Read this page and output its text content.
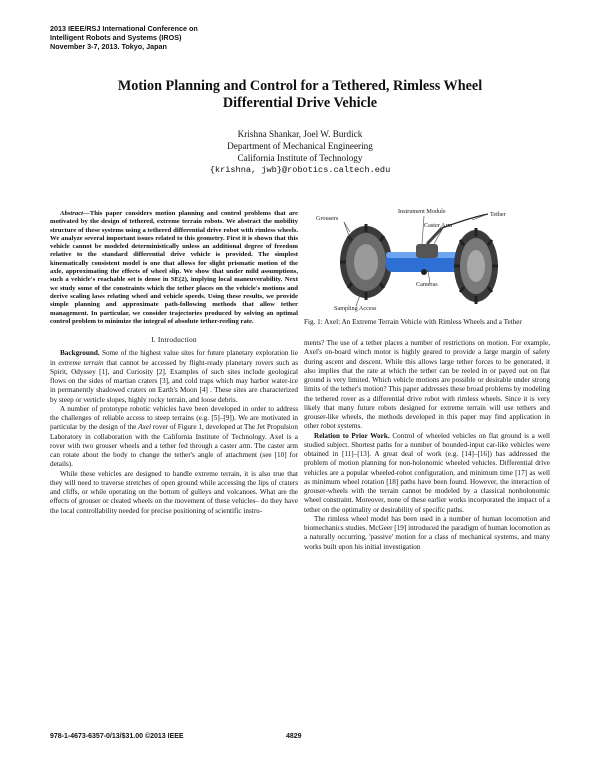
2013 IEEE/RSJ International Conference on
Intelligent Robots and Systems (IROS)
November 3-7, 2013. Tokyo, Japan
Motion Planning and Control for a Tethered, Rimless Wheel
Differential Drive Vehicle
Krishna Shankar, Joel W. Burdick
Department of Mechanical Engineering
California Institute of Technology
{krishna, jwb}@robotics.caltech.edu

Abstract—This paper considers motion planning and control problems that are motivated by the design of tethered, extreme terrain robots. We abstract the mobility structure of these systems using a tethered differential drive robot with rimless wheels. We analyze several important issues related to this geometry. First it is shown that this vehicle cannot be modeled deterministically unless an additional degree of freedom relative to the standard differential drive vehicle is provided. The simplest kinematically consistent model is one that allows for slight prismatic motion of the axle, approximating the effects of wheel slip. We show that under mild assumptions, such a vehicle's reachable set is dense in SE(2), implying local maneuverability. Next we study some of the constraints which the tether places on the vehicle's motions and derive scaling laws relating wheel and vehicle speeds. Using these results, we provide simple planning and approximate path-following methods that allow tether management. In particular, we consider trajectories produced by solving an optimal control problem to minimize the integral of absolute tether-reeling rate.

I. Introduction

Background. Some of the highest value sites for future planetary exploration lie in extreme terrain that cannot be accessed by flight-ready planetary rovers such as Spirit, Odyssey [1], and Curiosity [2]. Examples of such sites include geological flows on the sides of martian craters [3], and cold traps which may harbor water-ice in permanently shadowed craters on Earth's Moon [4] . These sites are characterized by steep or verticle slopes, highly rocky terrain, and loose debris.

A number of prototype robotic vehicles have been developed in order to address the challenges of reliable access to steep terrains (e.g. [5]–[9]). We are motivated in particular by the design of the Axel rover of Figure 1, developed at The Jet Propulsion Laboratory in collaboration with the California Institute of Technology. Axel is a rover with two grouser wheels and a tether fed through a caster arm. The caster arm can rotate about the body to change the tether's angle of attachment (see [10] for details).

While these vehicles are designed to handle extreme terrain, it is also true that they will need to traverse stretches of open ground while accessing the lips of craters and cliffs, or while operating on the bottom of gulleys and volcanoes. What are the effects of grouser or cleated wheels on the movement of these vehicles– do they have the local controllability needed for precise positioning of scientific instru-

Instrument Module	Tether
Grousers
Caster Arm
Cameras
Sampling Access
Fig. 1: Axel: An Extreme Terrain Vehicle with Rimless Wheels and a Tether

ments? The use of a tether places a number of restrictions on motion. For example, Axel's on-board winch motor is highly geared to provide a large margin of safety during ascent and descent. While this allows large tether forces to be generated, it also implies that the rate at which the tether can be reeled in or payed out on flat ground is very limited. Which vehicle motions are possible or desirable under strong limits of the tether's motion? This paper addresses these broad problems by modeling the tethered rover as a differential drive robot with rimless wheels. Since it is very likely that many future robots designed for extreme terrain will use tethers and grouser-like wheels, the methods developed in this paper may find application in other robot systems.

Relation to Prior Work. Control of wheeled vehicles on flat ground is a well studied subject. Shortest paths for a number of bounded-input car-like vehicles were obtained in [11]–[13]. A great deal of work (e.g. [14]–[16]) has addressed the problem of motion planning for non-holonomic wheeled vehicles. Differential drive vehicles are a popular wheeled-robot configuration, and minimum time [17] as well as minimum wheel rotation [18] paths have been found. However, the interaction of grouser-wheels with the terrain cannot be modeled by a classical nonholonomic wheel constraint. Moreover, none of these earlier works incorporated the impact of a tether on the optimality or desirability of specific paths.

The rimless wheel model has been used in a number of human locomotion and biomechanics studies. McGeer [19] introduced the paradigm of human locomotion as a naturally occurring, 'passive' motion for a class of mechanical systems, and many works built upon his initial investigation

978-1-4673-6357-0/13/$31.00 ©2013 IEEE	4829
